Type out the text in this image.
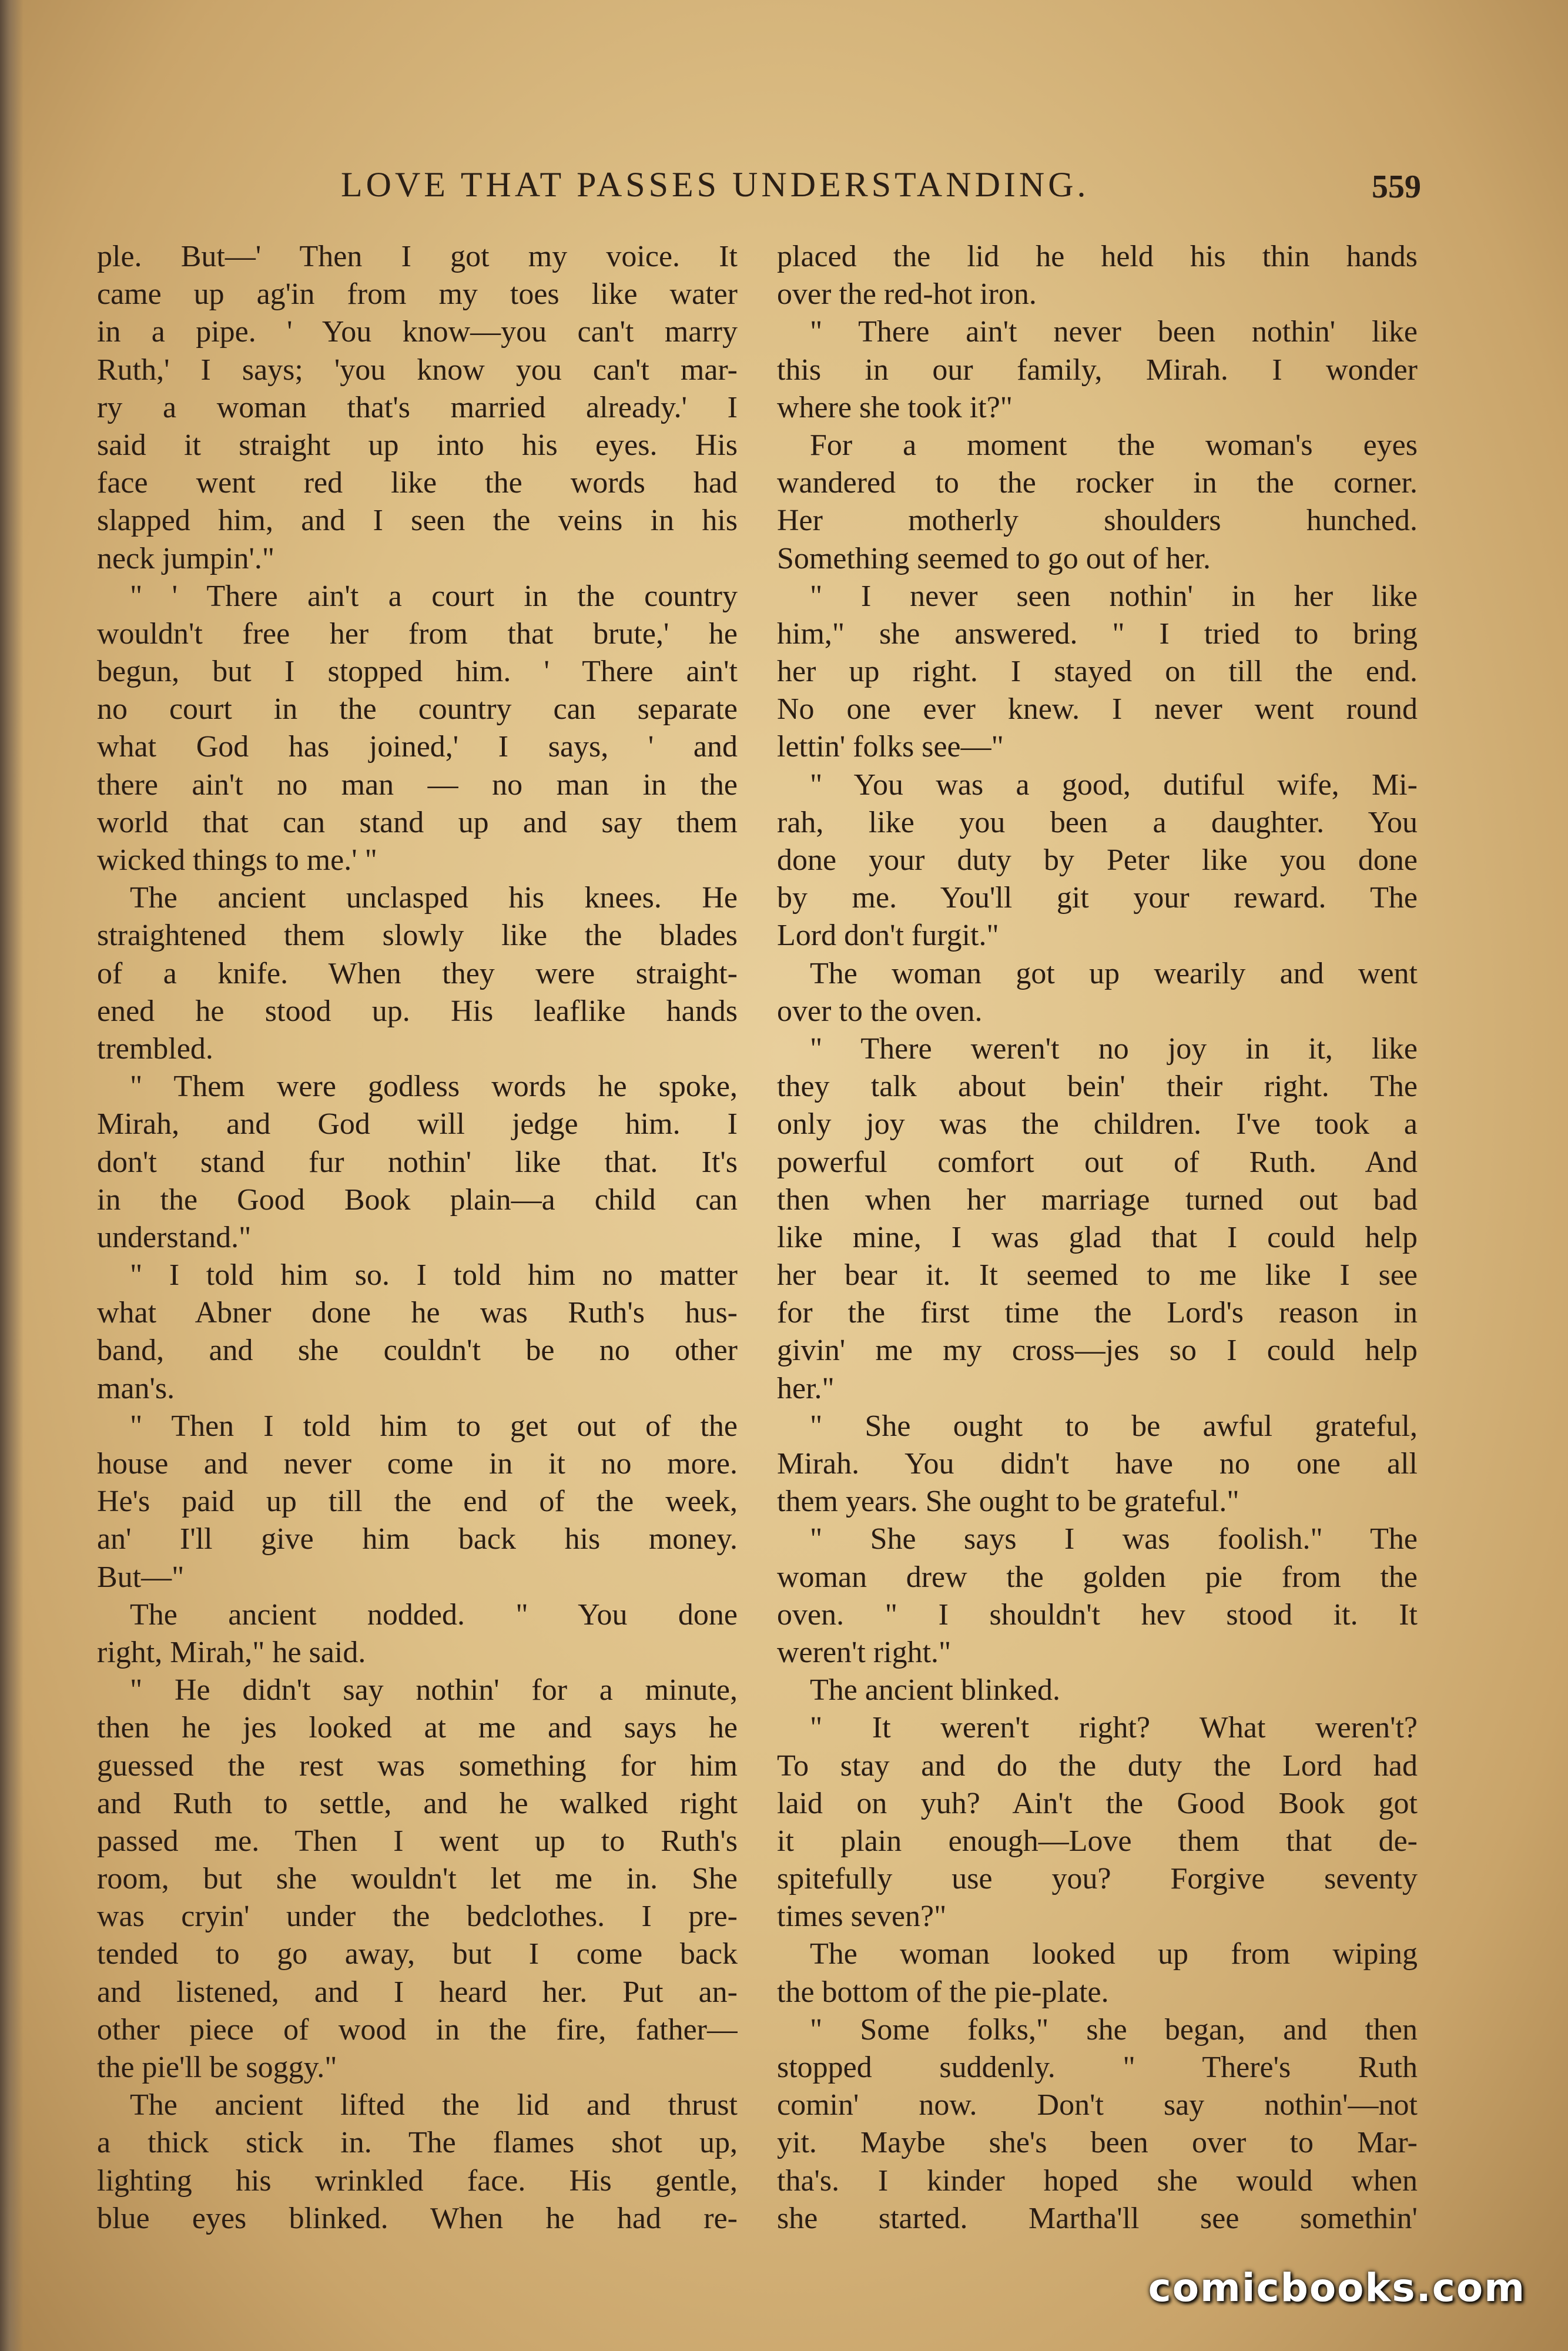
LOVE THAT PASSES UNDERSTANDING.	559
ple. But—' Then I got my voice. It
came up ag'in from my toes like water
in a pipe. ' You know—you can't marry
Ruth,' I says; 'you know you can't mar-
ry a woman that's married already.' I
said it straight up into his eyes. His
face went red like the words had
slapped him, and I seen the veins in his
neck jumpin'."
" ' There ain't a court in the country
wouldn't free her from that brute,' he
begun, but I stopped him. ' There ain't
no court in the country can separate
what God has joined,' I says, ' and
there ain't no man — no man in the
world that can stand up and say them
wicked things to me.' "
The ancient unclasped his knees. He
straightened them slowly like the blades
of a knife. When they were straight-
ened he stood up. His leaflike hands
trembled.
" Them were godless words he spoke,
Mirah, and God will jedge him. I
don't stand fur nothin' like that. It's
in the Good Book plain—a child can
understand."
" I told him so. I told him no matter
what Abner done he was Ruth's hus-
band, and she couldn't be no other
man's.
" Then I told him to get out of the
house and never come in it no more.
He's paid up till the end of the week,
an' I'll give him back his money.
But—"
The ancient nodded. " You done
right, Mirah," he said.
" He didn't say nothin' for a minute,
then he jes looked at me and says he
guessed the rest was something for him
and Ruth to settle, and he walked right
passed me. Then I went up to Ruth's
room, but she wouldn't let me in. She
was cryin' under the bedclothes. I pre-
tended to go away, but I come back
and listened, and I heard her. Put an-
other piece of wood in the fire, father—
the pie'll be soggy."
The ancient lifted the lid and thrust
a thick stick in. The flames shot up,
lighting his wrinkled face. His gentle,
blue eyes blinked. When he had re-
placed the lid he held his thin hands
over the red-hot iron.
" There ain't never been nothin' like
this in our family, Mirah. I wonder
where she took it?"
For a moment the woman's eyes
wandered to the rocker in the corner.
Her motherly shoulders hunched.
Something seemed to go out of her.
" I never seen nothin' in her like
him," she answered. " I tried to bring
her up right. I stayed on till the end.
No one ever knew. I never went round
lettin' folks see—"
" You was a good, dutiful wife, Mi-
rah, like you been a daughter. You
done your duty by Peter like you done
by me. You'll git your reward. The
Lord don't furgit."
The woman got up wearily and went
over to the oven.
" There weren't no joy in it, like
they talk about bein' their right. The
only joy was the children. I've took a
powerful comfort out of Ruth. And
then when her marriage turned out bad
like mine, I was glad that I could help
her bear it. It seemed to me like I see
for the first time the Lord's reason in
givin' me my cross—jes so I could help
her."
" She ought to be awful grateful,
Mirah. You didn't have no one all
them years. She ought to be grateful."
" She says I was foolish." The
woman drew the golden pie from the
oven. " I shouldn't hev stood it. It
weren't right."
The ancient blinked.
" It weren't right? What weren't?
To stay and do the duty the Lord had
laid on yuh? Ain't the Good Book got
it plain enough—Love them that de-
spitefully use you? Forgive seventy
times seven?"
The woman looked up from wiping
the bottom of the pie-plate.
" Some folks," she began, and then
stopped suddenly. " There's Ruth
comin' now. Don't say nothin'—not
yit. Maybe she's been over to Mar-
tha's. I kinder hoped she would when
she started. Martha'll see somethin'
comicbooks.com
